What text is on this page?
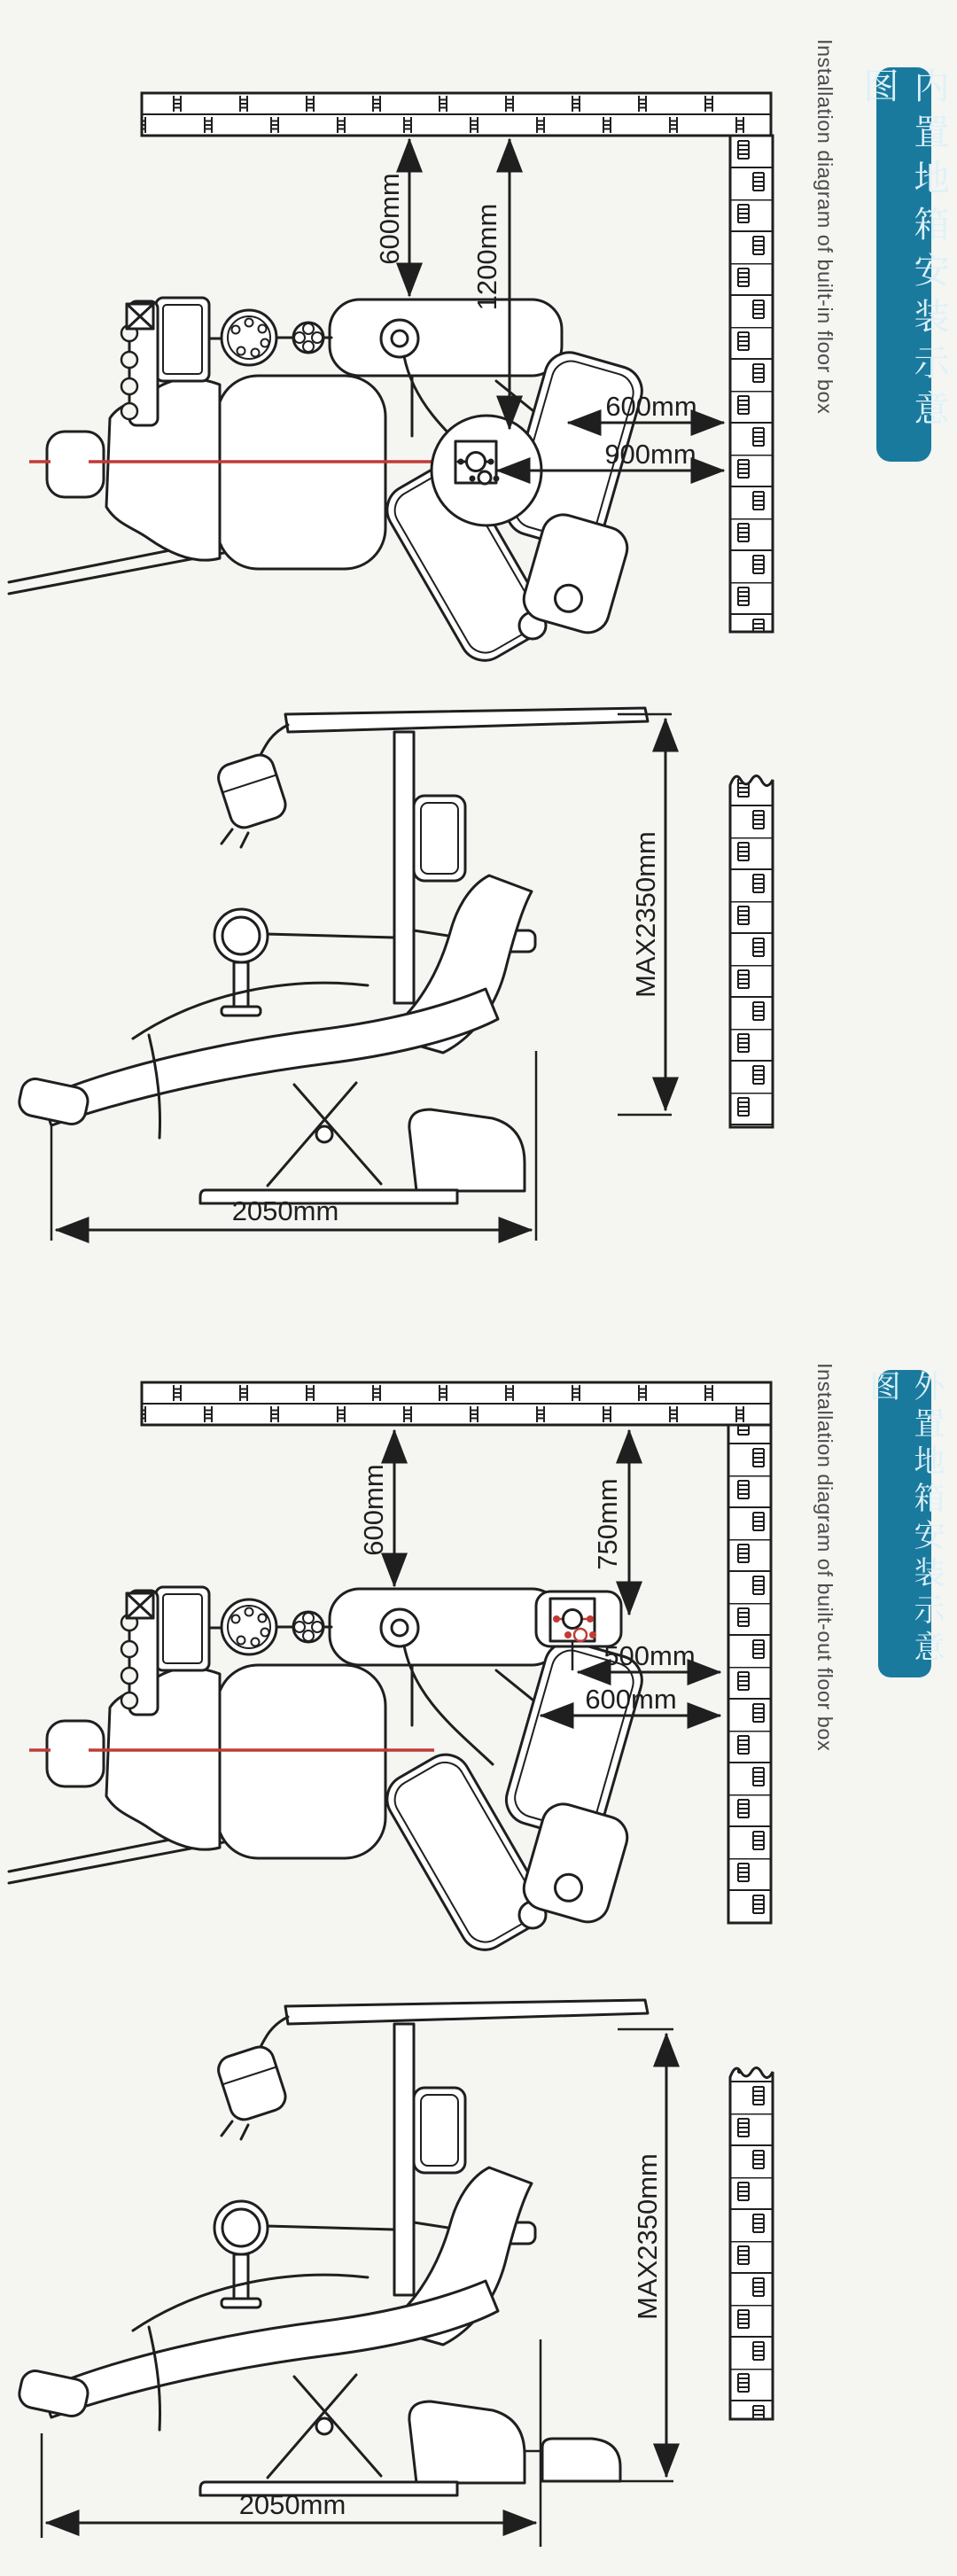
600mm 1200mm
600mm
900mm
MAX2350mm
2050mm
600mm	750mm
500mm
600mm
MAX2350mm
2050mm
Installation diagram of built-in floor box	内置地箱安装示意图
Installation diagram of built-out floor box	外置地箱安装示意图
